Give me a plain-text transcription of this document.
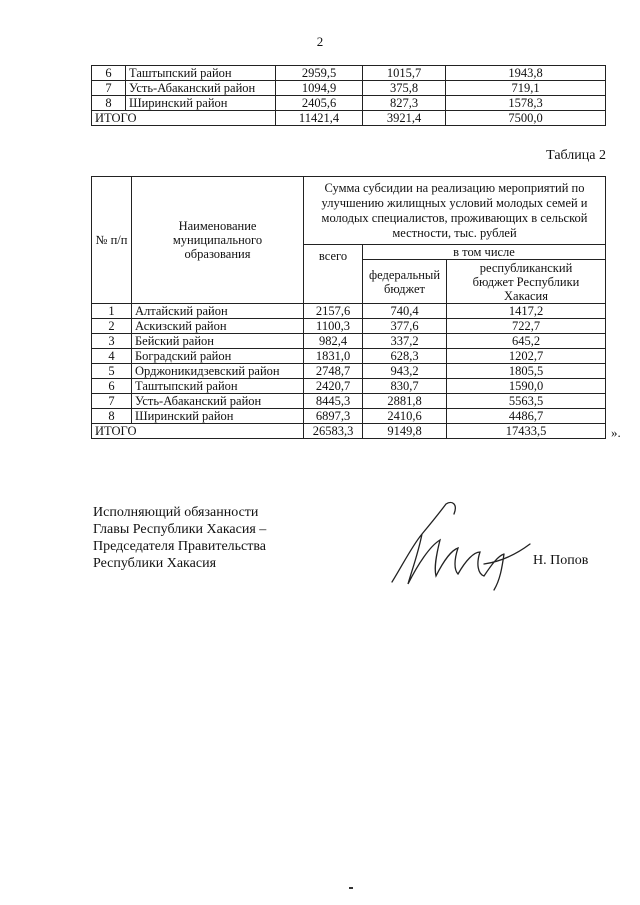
2
6	Таштыпский район	2959,5	1015,7	1943,8
7	Усть-Абаканский район	1094,9	375,8	719,1
8	Ширинский район	2405,6	827,3	1578,3
ИТОГО		11421,4	3921,4	7500,0
Таблица 2
№ п/п	Наименование муниципального образования	Сумма субсидии на реализацию мероприятий по улучшению жилищных условий молодых семей и молодых специалистов, проживающих в сельской местности, тыс. рублей		
		всего	в том числе	
			федеральный бюджет	республиканский бюджет Республики Хакасия
1	Алтайский район	2157,6	740,4	1417,2
2	Аскизский район	1100,3	377,6	722,7
3	Бейский район	982,4	337,2	645,2
4	Боградский район	1831,0	628,3	1202,7
5	Орджоникидзевский район	2748,7	943,2	1805,5
6	Таштыпский район	2420,7	830,7	1590,0
7	Усть-Абаканский район	8445,3	2881,8	5563,5
8	Ширинский район	6897,3	2410,6	4486,7
ИТОГО		26583,3	9149,8	17433,5	».
Исполняющий обязанности
Главы Республики Хакасия –
Председателя Правительства
Республики Хакасия	Н. Попов
